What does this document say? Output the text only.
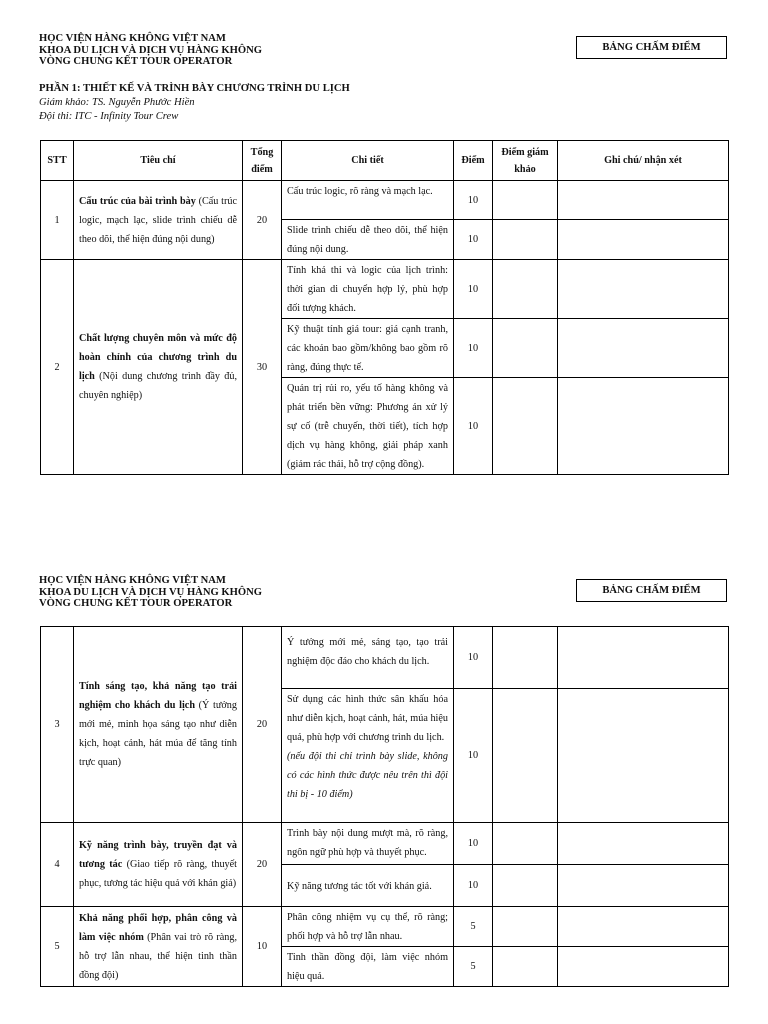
HỌC VIỆN HÀNG KHÔNG VIỆT NAM
KHOA DU LỊCH VÀ DỊCH VỤ HÀNG KHÔNG
VÒNG CHUNG KẾT TOUR OPERATOR
BẢNG CHẤM ĐIỂM
PHẦN 1: THIẾT KẾ VÀ TRÌNH BÀY CHƯƠNG TRÌNH DU LỊCH
Giám khảo: TS. Nguyễn Phước Hiền
Đội thi: ITC - Infinity Tour Crew
STT	Tiêu chí	Tổng điểm	Chi tiết	Điểm	Điểm giám khảo	Ghi chú/ nhận xét
1	Cấu trúc của bài trình bày (Cấu trúc logic, mạch lạc, slide trình chiếu dễ theo dõi, thể hiện đúng nội dung)	20	Cấu trúc logic, rõ ràng và mạch lạc.	10		
			Slide trình chiếu dễ theo dõi, thể hiện đúng nội dung.	10		
2	Chất lượng chuyên môn và mức độ hoàn chỉnh của chương trình du lịch (Nội dung chương trình đầy đủ, chuyên nghiệp)	30	Tính khả thi và logic của lịch trình: thời gian di chuyển hợp lý, phù hợp đối tượng khách.	10		
			Kỹ thuật tính giá tour: giá cạnh tranh, các khoản bao gồm/không bao gồm rõ ràng, đúng thực tế.	10		
			Quản trị rủi ro, yếu tố hàng không và phát triển bền vững: Phương án xử lý sự cố (trễ chuyến, thời tiết), tích hợp dịch vụ hàng không, giải pháp xanh (giảm rác thải, hỗ trợ cộng đồng).	10		
HỌC VIỆN HÀNG KHÔNG VIỆT NAM
KHOA DU LỊCH VÀ DỊCH VỤ HÀNG KHÔNG
VÒNG CHUNG KẾT TOUR OPERATOR
BẢNG CHẤM ĐIỂM
3	Tính sáng tạo, khả năng tạo trải nghiệm cho khách du lịch (Ý tưởng mới mẻ, minh họa sáng tạo như diễn kịch, hoạt cảnh, hát múa để tăng tính trực quan)	20	Ý tưởng mới mẻ, sáng tạo, tạo trải nghiệm độc đáo cho khách du lịch.	10		
			Sử dụng các hình thức sân khấu hóa như diễn kịch, hoạt cảnh, hát, múa hiệu quả, phù hợp với chương trình du lịch.
(nếu đội thi chỉ trình bày slide, không có các hình thức được nêu trên thì đội thi bị - 10 điểm)	10		
4	Kỹ năng trình bày, truyền đạt và tương tác (Giao tiếp rõ ràng, thuyết phục, tương tác hiệu quả với khán giả)	20	Trình bày nội dung mượt mà, rõ ràng, ngôn ngữ phù hợp và thuyết phục.	10		
			Kỹ năng tương tác tốt với khán giả.	10		
5	Khả năng phối hợp, phân công và làm việc nhóm (Phân vai trò rõ ràng, hỗ trợ lẫn nhau, thể hiện tinh thần đồng đội)	10	Phân công nhiệm vụ cụ thể, rõ ràng; phối hợp và hỗ trợ lẫn nhau.	5		
			Tinh thần đồng đội, làm việc nhóm hiệu quả.	5		
